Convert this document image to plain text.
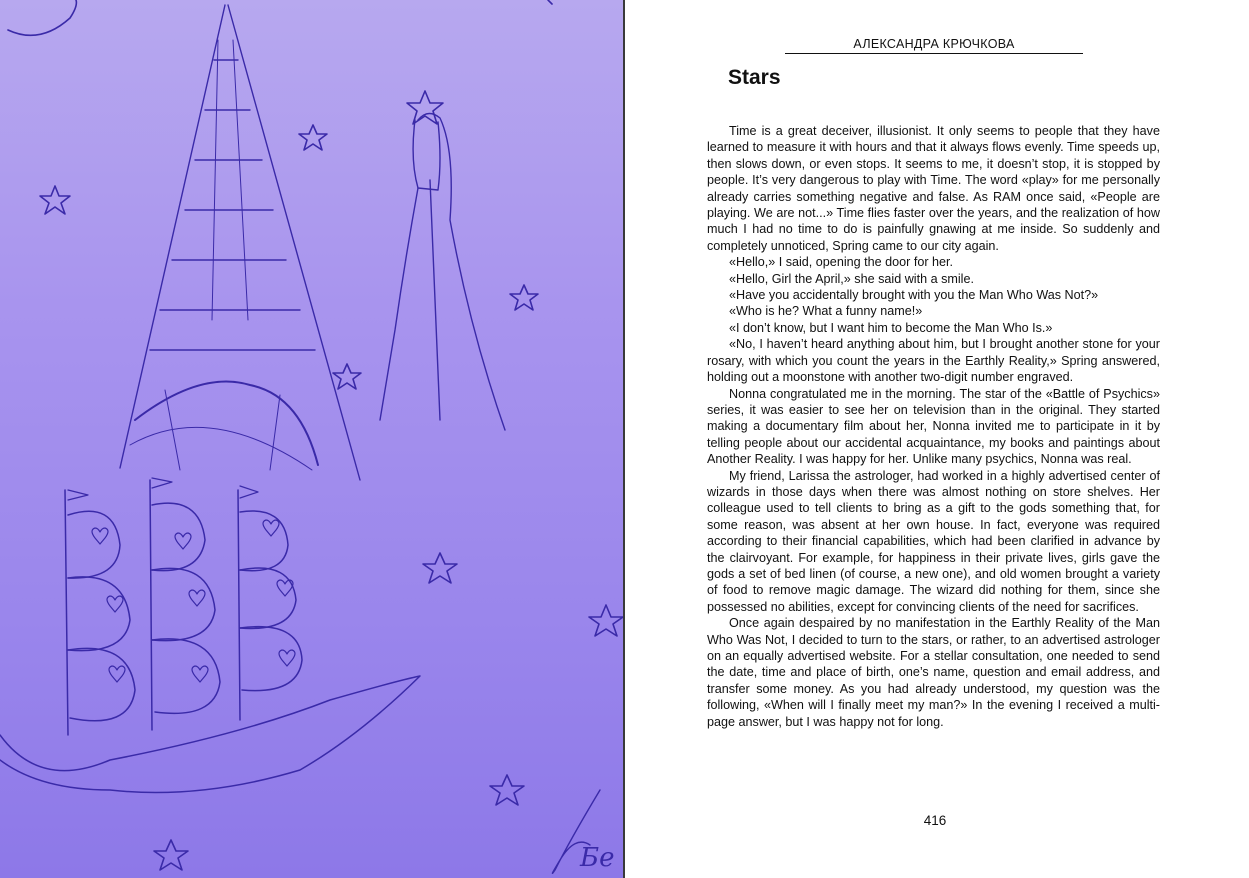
Бе
АЛЕКСАНДРА КРЮЧКОВА
Stars

Time is a great deceiver, illusionist. It only seems to people that they have learned to measure it with hours and that it always flows evenly. Time speeds up, then slows down, or even stops. It seems to me, it doesn’t stop, it is stopped by people. It’s very dangerous to play with Time. The word «play» for me personally already carries something negative and false. As RAM once said, «People are playing. We are not...» Time flies faster over the years, and the realization of how much I had no time to do is painfully gnawing at me inside. So suddenly and completely unnoticed, Spring came to our city again.

«Hello,» I said, opening the door for her.

«Hello, Girl the April,» she said with a smile.

«Have you accidentally brought with you the Man Who Was Not?»

«Who is he? What a funny name!»

«I don’t know, but I want him to become the Man Who Is.»

«No, I haven’t heard anything about him, but I brought another stone for your rosary, with which you count the years in the Earthly Reality,» Spring answered, holding out a moonstone with another two-digit number engraved.

Nonna congratulated me in the morning. The star of the «Battle of Psychics» series, it was easier to see her on television than in the original. They started making a documentary film about her, Nonna invited me to participate in it by telling people about our accidental acquaintance, my books and paintings about Another Reality. I was happy for her. Unlike many psychics, Nonna was real.

My friend, Larissa the astrologer, had worked in a highly advertised center of wizards in those days when there was almost nothing on store shelves. Her colleague used to tell clients to bring as a gift to the gods something that, for some reason, was absent at her own house. In fact, everyone was required according to their financial capabilities, which had been clarified in advance by the clairvoyant. For example, for happiness in their private lives, girls gave the gods a set of bed linen (of course, a new one), and old women brought a variety of food to remove magic damage. The wizard did nothing for them, since she possessed no abilities, except for convincing clients of the need for sacrifices.

Once again despaired by no manifestation in the Earthly Reality of the Man Who Was Not, I decided to turn to the stars, or rather, to an advertised astrologer on an equally advertised website. For a stellar consultation, one needed to send the date, time and place of birth, one’s name, question and email address, and transfer some money. As you had already understood, my question was the following, «When will I finally meet my man?» In the evening I received a multi-page answer, but I was happy not for long.

416
